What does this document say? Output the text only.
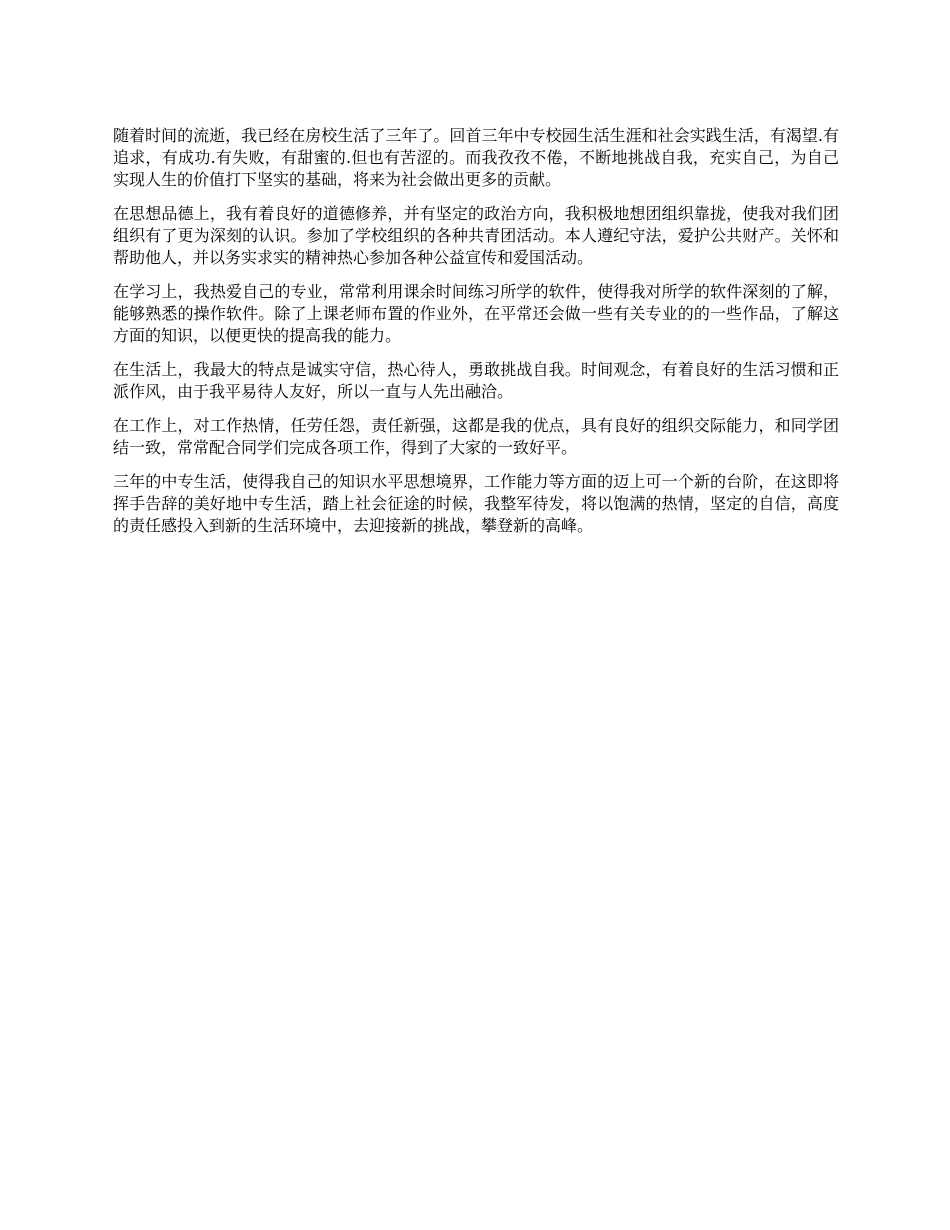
随着时间的流逝，我已经在房校生活了三年了。回首三年中专校园生活生涯和社会实践生活，有渴望.有追求，有成功.有失败，有甜蜜的.但也有苦涩的。而我孜孜不倦，不断地挑战自我，充实自己，为自己实现人生的价值打下坚实的基础，将来为社会做出更多的贡献。

在思想品德上，我有着良好的道德修养，并有坚定的政治方向，我积极地想团组织靠拢，使我对我们团组织有了更为深刻的认识。参加了学校组织的各种共青团活动。本人遵纪守法，爱护公共财产。关怀和帮助他人，并以务实求实的精神热心参加各种公益宣传和爱国活动。

在学习上，我热爱自己的专业，常常利用课余时间练习所学的软件，使得我对所学的软件深刻的了解，能够熟悉的操作软件。除了上课老师布置的作业外，在平常还会做一些有关专业的的一些作品，了解这方面的知识，以便更快的提高我的能力。

在生活上，我最大的特点是诚实守信，热心待人，勇敢挑战自我。时间观念，有着良好的生活习惯和正派作风，由于我平易待人友好，所以一直与人先出融洽。

在工作上，对工作热情，任劳任怨，责任新强，这都是我的优点，具有良好的组织交际能力，和同学团结一致，常常配合同学们完成各项工作，得到了大家的一致好平。

三年的中专生活，使得我自己的知识水平思想境界，工作能力等方面的迈上可一个新的台阶，在这即将挥手告辞的美好地中专生活，踏上社会征途的时候，我整军待发，将以饱满的热情，坚定的自信，高度的责任感投入到新的生活环境中，去迎接新的挑战，攀登新的高峰。
